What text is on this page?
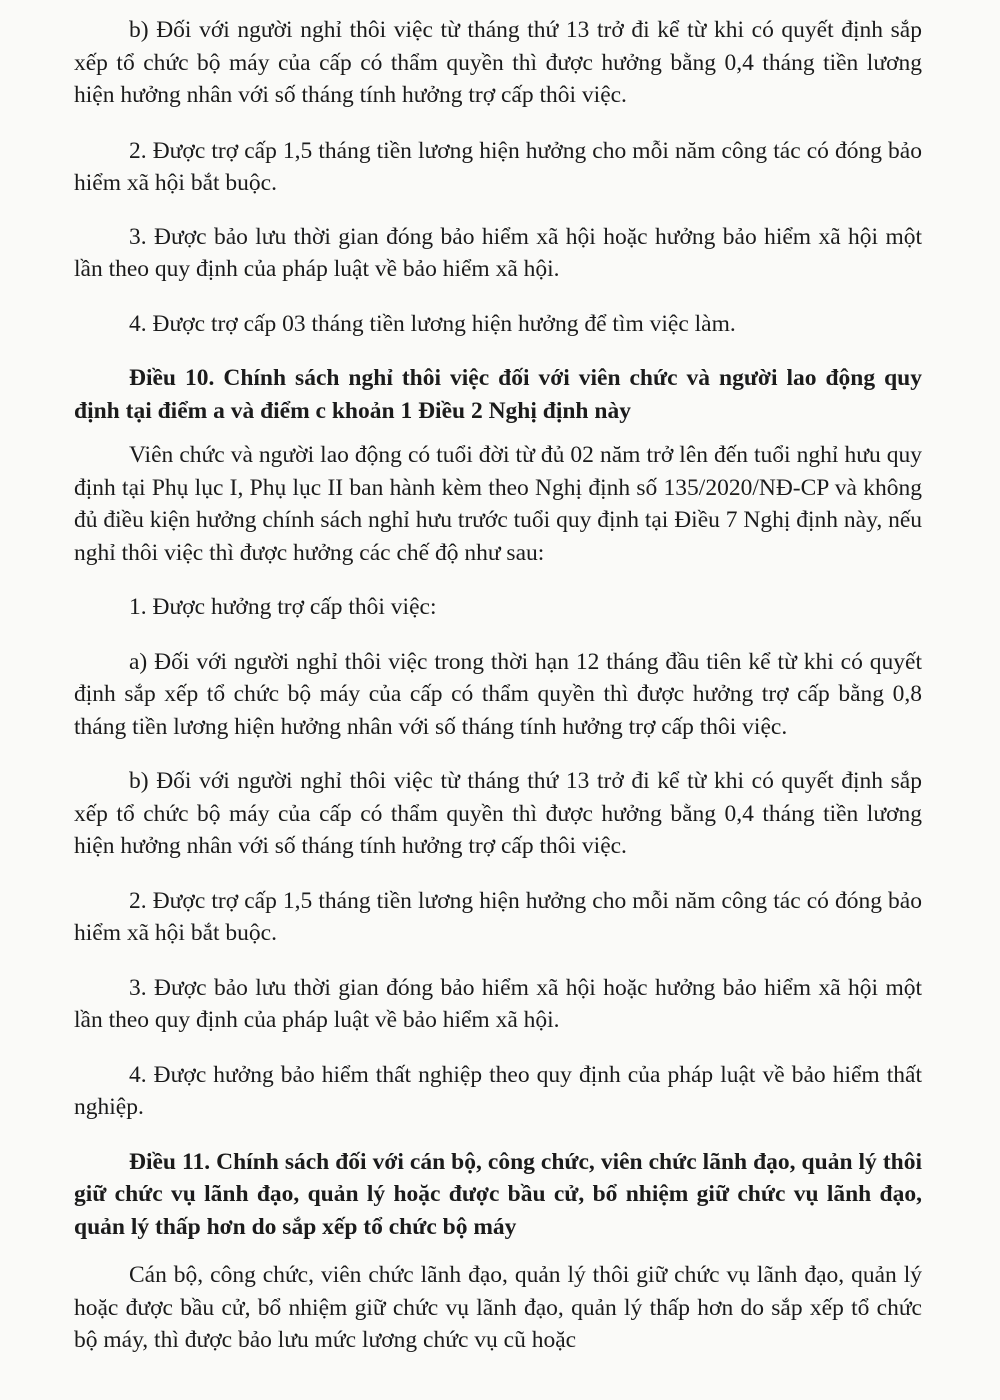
b) Đối với người nghỉ thôi việc từ tháng thứ 13 trở đi kể từ khi có quyết định sắp xếp tổ chức bộ máy của cấp có thẩm quyền thì được hưởng bằng 0,4 tháng tiền lương hiện hưởng nhân với số tháng tính hưởng trợ cấp thôi việc.

2. Được trợ cấp 1,5 tháng tiền lương hiện hưởng cho mỗi năm công tác có đóng bảo hiểm xã hội bắt buộc.

3. Được bảo lưu thời gian đóng bảo hiểm xã hội hoặc hưởng bảo hiểm xã hội một lần theo quy định của pháp luật về bảo hiểm xã hội.

4. Được trợ cấp 03 tháng tiền lương hiện hưởng để tìm việc làm.

Điều 10. Chính sách nghỉ thôi việc đối với viên chức và người lao động quy định tại điểm a và điểm c khoản 1 Điều 2 Nghị định này

Viên chức và người lao động có tuổi đời từ đủ 02 năm trở lên đến tuổi nghỉ hưu quy định tại Phụ lục I, Phụ lục II ban hành kèm theo Nghị định số 135/2020/NĐ-CP và không đủ điều kiện hưởng chính sách nghỉ hưu trước tuổi quy định tại Điều 7 Nghị định này, nếu nghỉ thôi việc thì được hưởng các chế độ như sau:

1. Được hưởng trợ cấp thôi việc:

a) Đối với người nghỉ thôi việc trong thời hạn 12 tháng đầu tiên kể từ khi có quyết định sắp xếp tổ chức bộ máy của cấp có thẩm quyền thì được hưởng trợ cấp bằng 0,8 tháng tiền lương hiện hưởng nhân với số tháng tính hưởng trợ cấp thôi việc.

b) Đối với người nghỉ thôi việc từ tháng thứ 13 trở đi kể từ khi có quyết định sắp xếp tổ chức bộ máy của cấp có thẩm quyền thì được hưởng bằng 0,4 tháng tiền lương hiện hưởng nhân với số tháng tính hưởng trợ cấp thôi việc.

2. Được trợ cấp 1,5 tháng tiền lương hiện hưởng cho mỗi năm công tác có đóng bảo hiểm xã hội bắt buộc.

3. Được bảo lưu thời gian đóng bảo hiểm xã hội hoặc hưởng bảo hiểm xã hội một lần theo quy định của pháp luật về bảo hiểm xã hội.

4. Được hưởng bảo hiểm thất nghiệp theo quy định của pháp luật về bảo hiểm thất nghiệp.

Điều 11. Chính sách đối với cán bộ, công chức, viên chức lãnh đạo, quản lý thôi giữ chức vụ lãnh đạo, quản lý hoặc được bầu cử, bổ nhiệm giữ chức vụ lãnh đạo, quản lý thấp hơn do sắp xếp tổ chức bộ máy

Cán bộ, công chức, viên chức lãnh đạo, quản lý thôi giữ chức vụ lãnh đạo, quản lý hoặc được bầu cử, bổ nhiệm giữ chức vụ lãnh đạo, quản lý thấp hơn do sắp xếp tổ chức bộ máy, thì được bảo lưu mức lương chức vụ cũ hoặc
